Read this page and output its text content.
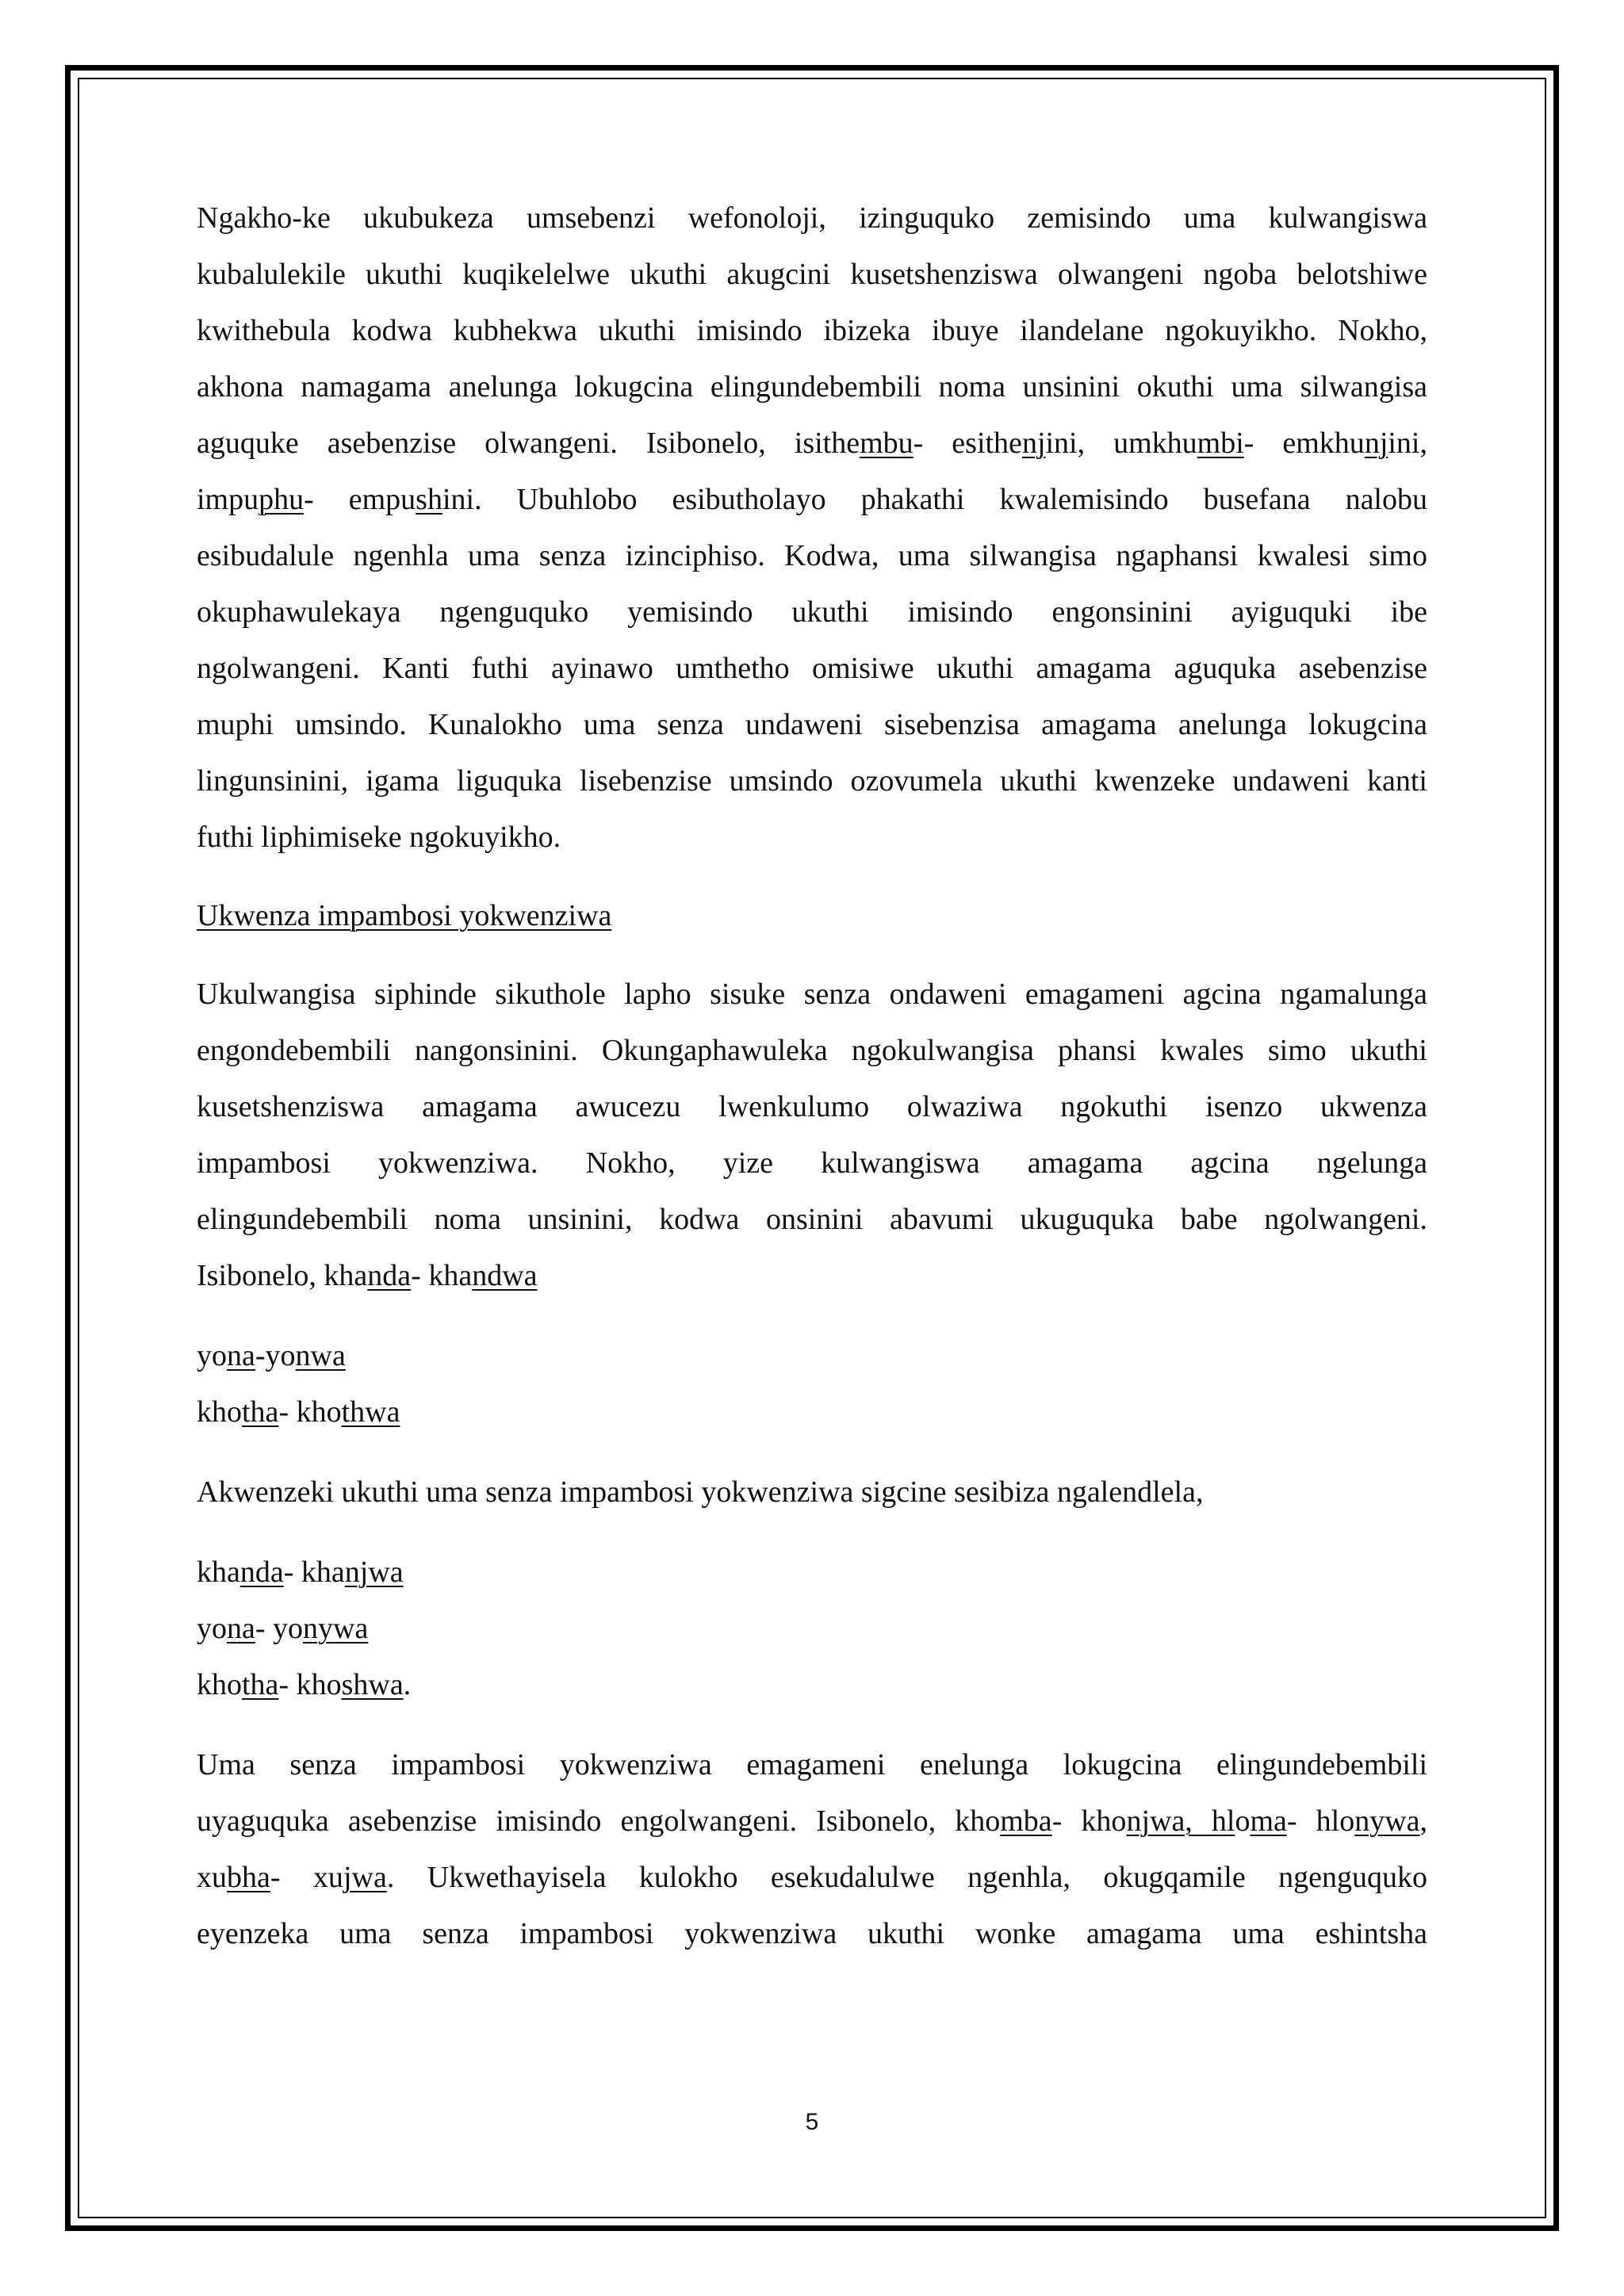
Ngakho-ke ukubukeza umsebenzi wefonoloji, izinguquko zemisindo uma kulwangiswa
kubalulekile ukuthi kuqikelelwe ukuthi akugcini kusetshenziswa olwangeni ngoba belotshiwe
kwithebula kodwa kubhekwa ukuthi imisindo ibizeka ibuye ilandelane ngokuyikho. Nokho,
akhona namagama anelunga lokugcina elingundebembili noma unsinini okuthi uma silwangisa
aguquke asebenzise olwangeni. Isibonelo, isithembu- esithenjini, umkhumbi- emkhunjini,
impuphu- empushini. Ubuhlobo esibutholayo phakathi kwalemisindo busefana nalobu
esibudalule ngenhla uma senza izinciphiso. Kodwa, uma silwangisa ngaphansi kwalesi simo
okuphawulekaya ngenguquko yemisindo ukuthi imisindo engonsinini ayiguquki ibe
ngolwangeni. Kanti futhi ayinawo umthetho omisiwe ukuthi amagama aguquka asebenzise
muphi umsindo. Kunalokho uma senza undaweni sisebenzisa amagama anelunga lokugcina
lingunsinini, igama liguquka lisebenzise umsindo ozovumela ukuthi kwenzeke undaweni kanti
futhi liphimiseke ngokuyikho.
Ukwenza impambosi yokwenziwa
Ukulwangisa siphinde sikuthole lapho sisuke senza ondaweni emagameni agcina ngamalunga
engondebembili nangonsinini. Okungaphawuleka ngokulwangisa phansi kwales simo ukuthi
kusetshenziswa amagama awucezu lwenkulumo olwaziwa ngokuthi isenzo ukwenza
impambosi yokwenziwa. Nokho, yize kulwangiswa amagama agcina ngelunga
elingundebembili noma unsinini, kodwa onsinini abavumi ukuguquka babe ngolwangeni.
Isibonelo, khanda- khandwa
yona-yonwa
khotha- khothwa
Akwenzeki ukuthi uma senza impambosi yokwenziwa sigcine sesibiza ngalendlela,
khanda- khanjwa
yona- yonywa
khotha- khoshwa.
Uma senza impambosi yokwenziwa emagameni enelunga lokugcina elingundebembili
uyaguquka asebenzise imisindo engolwangeni. Isibonelo, khomba- khonjwa, hloma- hlonywa,
xubha- xujwa. Ukwethayisela kulokho esekudalulwe ngenhla, okugqamile ngenguquko
eyenzeka uma senza impambosi yokwenziwa ukuthi wonke amagama uma eshintsha
5
